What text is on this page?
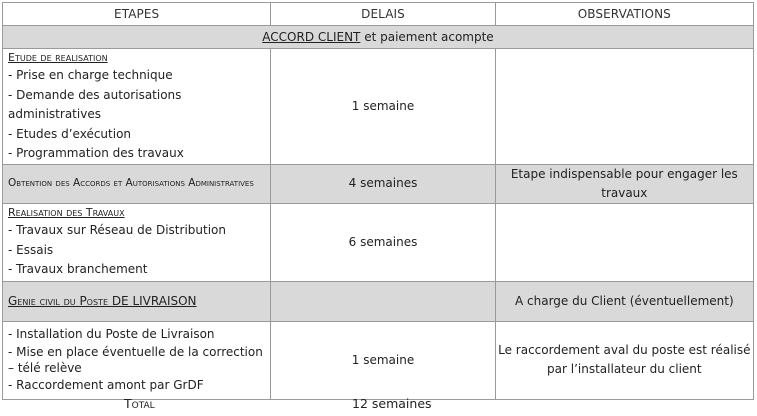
ETAPES	DELAIS	OBSERVATIONS
ACCORD CLIENT et paiement acompte		

Etude de realisation
- Prise en charge technique
- Demande des autorisations administratives
- Etudes d’exécution
- Programmation des travaux	1 semaine	

Obtention des Accords et Autorisations Administratives	4 semaines	Etape indispensable pour engager les travaux

Realisation des Travaux
- Travaux sur Réseau de Distribution
- Essais
- Travaux branchement	6 semaines	
Genie civil du Poste DE LIVRAISON		A charge du Client (éventuellement)

- Installation du Poste de Livraison
- Mise en place éventuelle de la correction – télé relève
- Raccordement amont par GrDF	1 semaine	Le raccordement aval du poste est réalisé par l’installateur du client
Total	12 semaines
